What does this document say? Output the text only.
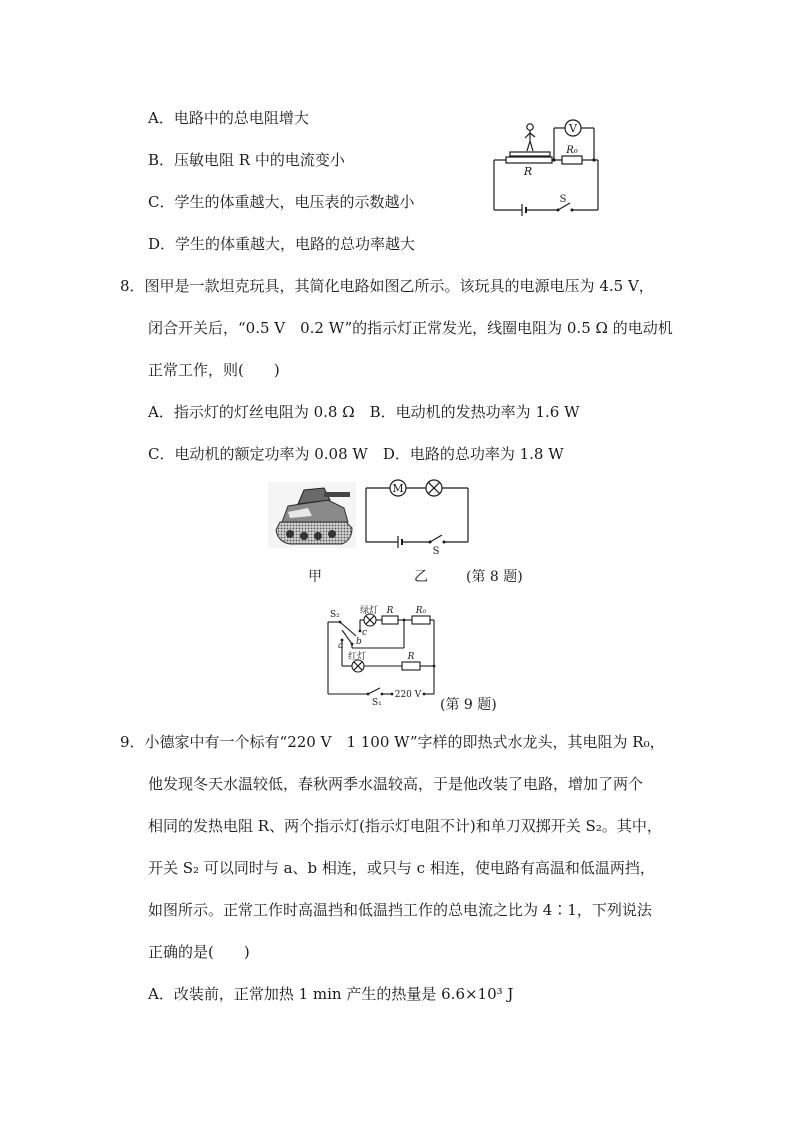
A．电路中的总电阻增大
B．压敏电阻 R 中的电流变小
C．学生的体重越大，电压表的示数越小
D．学生的体重越大，电路的总功率越大
V
R₀
R
S
8．图甲是一款坦克玩具，其简化电路如图乙所示。该玩具的电源电压为 4.5 V，
闭合开关后，“0.5 V　0.2 W”的指示灯正常发光，线圈电阻为 0.5 Ω 的电动机
正常工作，则(　　)
A．指示灯的灯丝电阻为 0.8 Ω　B．电动机的发热功率为 1.6 W
C．电动机的额定功率为 0.08 W　D．电路的总功率为 1.8 W
M
S
甲	乙	(第 8 题)
S₂ 绿灯 R R₀
a b
c
红灯	R
S₁
220 V
(第 9 题)
9．小德家中有一个标有“220 V　1 100 W”字样的即热式水龙头，其电阻为 R₀，
他发现冬天水温较低，春秋两季水温较高，于是他改装了电路，增加了两个
相同的发热电阻 R、两个指示灯(指示灯电阻不计)和单刀双掷开关 S₂。其中，
开关 S₂ 可以同时与 a、b 相连，或只与 c 相连，使电路有高温和低温两挡，
如图所示。正常工作时高温挡和低温挡工作的总电流之比为 4∶1，下列说法
正确的是(　　)
A．改装前，正常加热 1 min 产生的热量是 6.6×10³ J
